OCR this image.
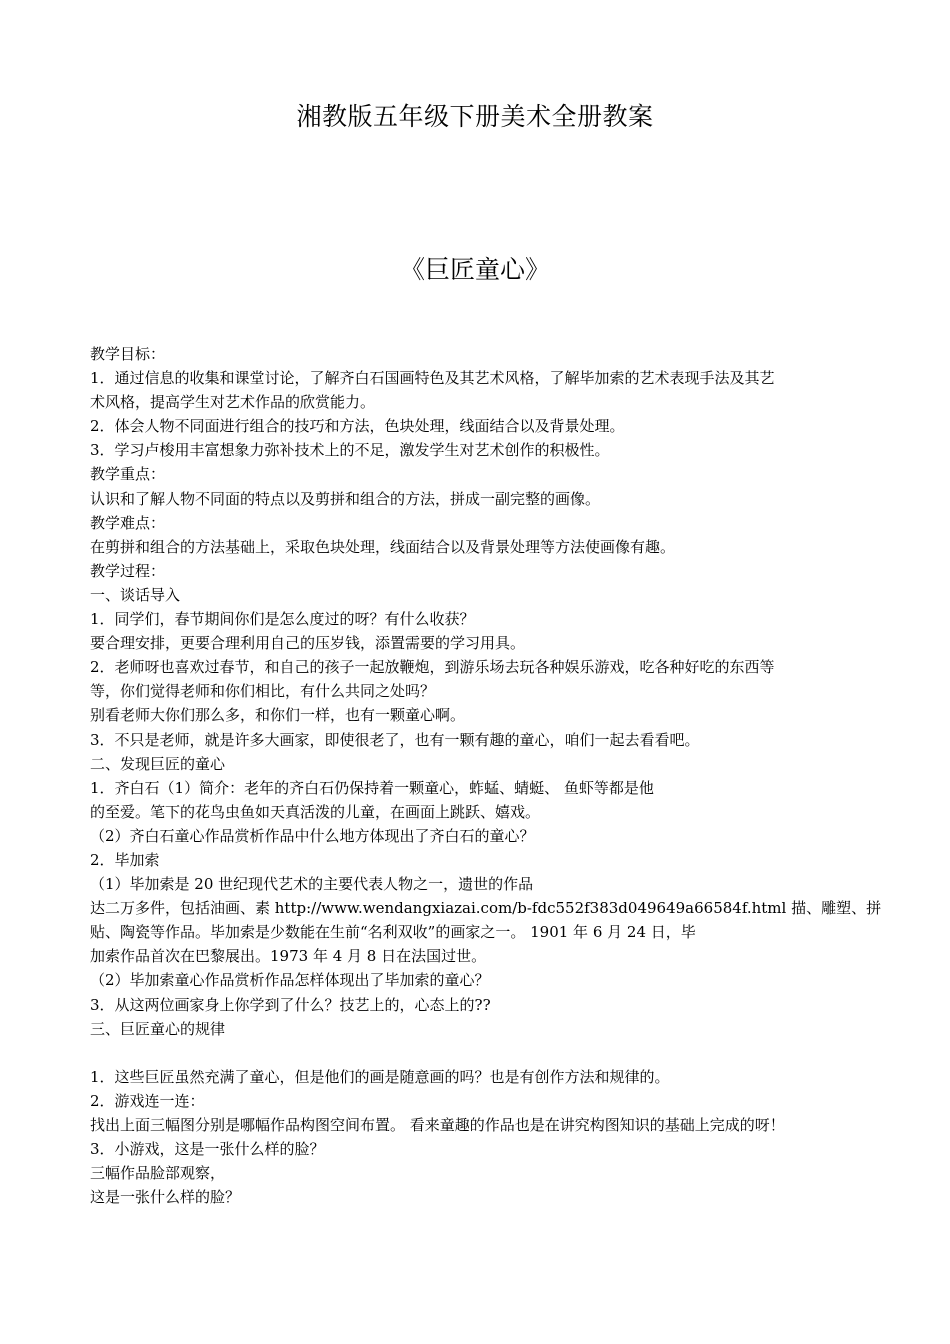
湘教版五年级下册美术全册教案
《巨匠童心》
教学目标：
1．通过信息的收集和课堂讨论，了解齐白石国画特色及其艺术风格，了解毕加索的艺术表现手法及其艺
术风格，提高学生对艺术作品的欣赏能力。
2．体会人物不同面进行组合的技巧和方法，色块处理，线面结合以及背景处理。
3．学习卢梭用丰富想象力弥补技术上的不足，激发学生对艺术创作的积极性。
教学重点：
认识和了解人物不同面的特点以及剪拼和组合的方法，拼成一副完整的画像。
教学难点：
在剪拼和组合的方法基础上，采取色块处理，线面结合以及背景处理等方法使画像有趣。
教学过程：
一、谈话导入
1．同学们，春节期间你们是怎么度过的呀？有什么收获？
要合理安排，更要合理利用自己的压岁钱，添置需要的学习用具。
2．老师呀也喜欢过春节，和自己的孩子一起放鞭炮，到游乐场去玩各种娱乐游戏，吃各种好吃的东西等
等，你们觉得老师和你们相比，有什么共同之处吗？
别看老师大你们那么多，和你们一样，也有一颗童心啊。
3．不只是老师，就是许多大画家，即使很老了，也有一颗有趣的童心，咱们一起去看看吧。
二、发现巨匠的童心
1．齐白石（1）简介：老年的齐白石仍保持着一颗童心，蚱蜢、蜻蜓、 鱼虾等都是他
的至爱。笔下的花鸟虫鱼如天真活泼的儿童，在画面上跳跃、嬉戏。
（2）齐白石童心作品赏析作品中什么地方体现出了齐白石的童心？
2．毕加索
（1）毕加索是 20 世纪现代艺术的主要代表人物之一，遗世的作品
达二万多件，包括油画、素 http://www.wendangxiazai.com/b-fdc552f383d049649a66584f.html 描、雕塑、拼
贴、陶瓷等作品。毕加索是少数能在生前“名利双收”的画家之一。 1901 年 6 月 24 日，毕
加索作品首次在巴黎展出。1973 年 4 月 8 日在法国过世。
（2）毕加索童心作品赏析作品怎样体现出了毕加索的童心？
3．从这两位画家身上你学到了什么？技艺上的，心态上的??
三、巨匠童心的规律
1．这些巨匠虽然充满了童心，但是他们的画是随意画的吗？也是有创作方法和规律的。
2．游戏连一连：
找出上面三幅图分别是哪幅作品构图空间布置。 看来童趣的作品也是在讲究构图知识的基础上完成的呀！
3．小游戏，这是一张什么样的脸？
三幅作品脸部观察，
这是一张什么样的脸？
